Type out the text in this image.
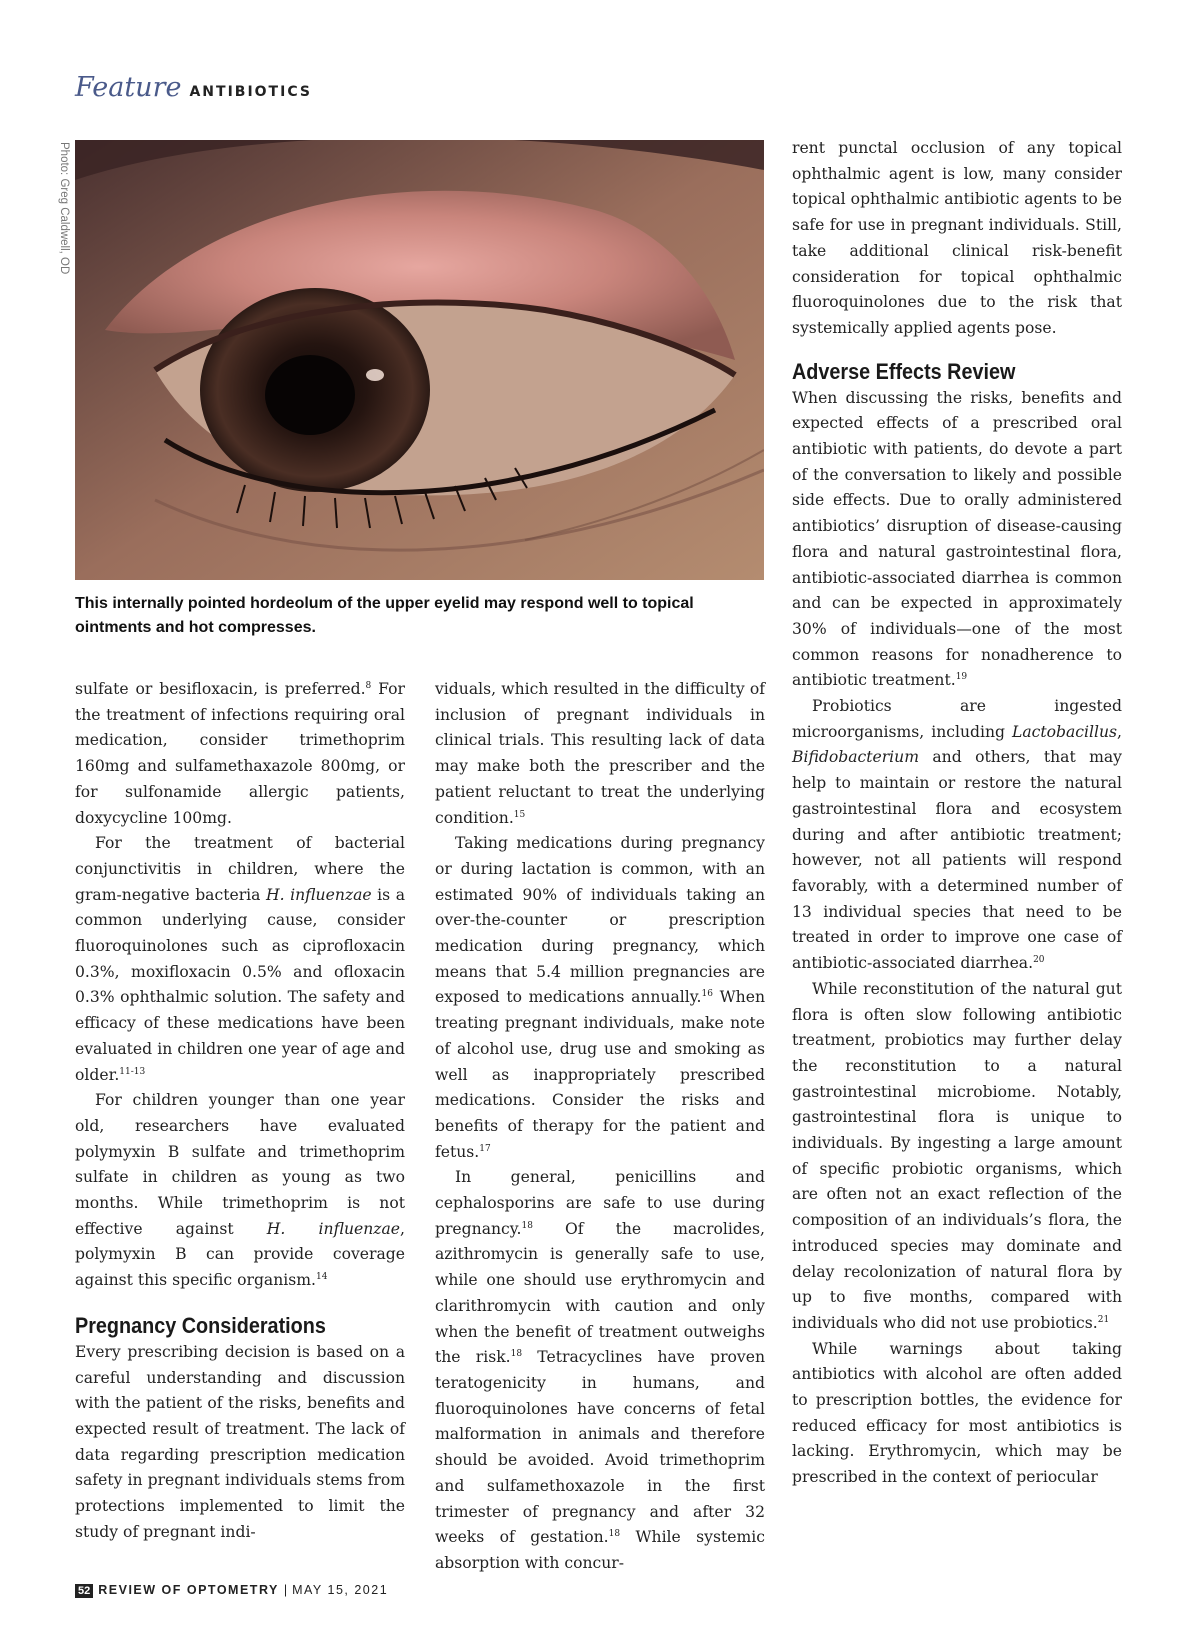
Feature ANTIBIOTICS
Photo: Greg Caldwell, OD
This internally pointed hordeolum of the upper eyelid may respond well to topical ointments and hot compresses.

sulfate or besifloxacin, is preferred.$^8$ For the treatment of infections requiring oral medication, consider trimethoprim 160mg and sulfamethaxazole 800mg, or for sulfonamide allergic patients, doxycycline 100mg.

For the treatment of bacterial conjunctivitis in children, where the gram-negative bacteria H. influenzae is a common underlying cause, consider fluoroquinolones such as ciprofloxacin 0.3%, moxifloxacin 0.5% and ofloxacin 0.3% ophthalmic solution. The safety and efficacy of these medications have been evaluated in children one year of age and older.$^{11-13}$

For children younger than one year old, researchers have evaluated polymyxin B sulfate and trimethoprim sulfate in children as young as two months. While trimethoprim is not effective against H. influenzae, polymyxin B can provide coverage against this specific organism.$^{14}$

Pregnancy Considerations

Every prescribing decision is based on a careful understanding and discussion with the patient of the risks, benefits and expected result of treatment. The lack of data regarding prescription medication safety in pregnant individuals stems from protections implemented to limit the study of pregnant indi-

viduals, which resulted in the difficulty of inclusion of pregnant individuals in clinical trials. This resulting lack of data may make both the prescriber and the patient reluctant to treat the underlying condition.$^{15}$

Taking medications during pregnancy or during lactation is common, with an estimated 90% of individuals taking an over-the-counter or prescription medication during pregnancy, which means that 5.4 million pregnancies are exposed to medications annually.$^{16}$ When treating pregnant individuals, make note of alcohol use, drug use and smoking as well as inappropriately prescribed medications. Consider the risks and benefits of therapy for the patient and fetus.$^{17}$

In general, penicillins and cephalosporins are safe to use during pregnancy.$^{18}$ Of the macrolides, azithromycin is generally safe to use, while one should use erythromycin and clarithromycin with caution and only when the benefit of treatment outweighs the risk.$^{18}$ Tetracyclines have proven teratogenicity in humans, and fluoroquinolones have concerns of fetal malformation in animals and therefore should be avoided. Avoid trimethoprim and sulfamethoxazole in the first trimester of pregnancy and after 32 weeks of gestation.$^{18}$ While systemic absorption with concur-

rent punctal occlusion of any topical ophthalmic agent is low, many consider topical ophthalmic antibiotic agents to be safe for use in pregnant individuals. Still, take additional clinical risk-benefit consideration for topical ophthalmic fluoroquinolones due to the risk that systemically applied agents pose.

Adverse Effects Review

When discussing the risks, benefits and expected effects of a prescribed oral antibiotic with patients, do devote a part of the conversation to likely and possible side effects. Due to orally administered antibiotics’ disruption of disease-causing flora and natural gastrointestinal flora, antibiotic-associated diarrhea is common and can be expected in approximately 30% of individuals—one of the most common reasons for nonadherence to antibiotic treatment.$^{19}$

Probiotics are ingested microorganisms, including Lactobacillus, Bifidobacterium and others, that may help to maintain or restore the natural gastrointestinal flora and ecosystem during and after antibiotic treatment; however, not all patients will respond favorably, with a determined number of 13 individual species that need to be treated in order to improve one case of antibiotic-associated diarrhea.$^{20}$

While reconstitution of the natural gut flora is often slow following antibiotic treatment, probiotics may further delay the reconstitution to a natural gastrointestinal microbiome. Notably, gastrointestinal flora is unique to individuals. By ingesting a large amount of specific probiotic organisms, which are often not an exact reflection of the composition of an individuals’s flora, the introduced species may dominate and delay recolonization of natural flora by up to five months, compared with individuals who did not use probiotics.$^{21}$

While warnings about taking antibiotics with alcohol are often added to prescription bottles, the evidence for reduced efficacy for most antibiotics is lacking. Erythromycin, which may be prescribed in the context of periocular

52 REVIEW OF OPTOMETRY | MAY 15, 2021
